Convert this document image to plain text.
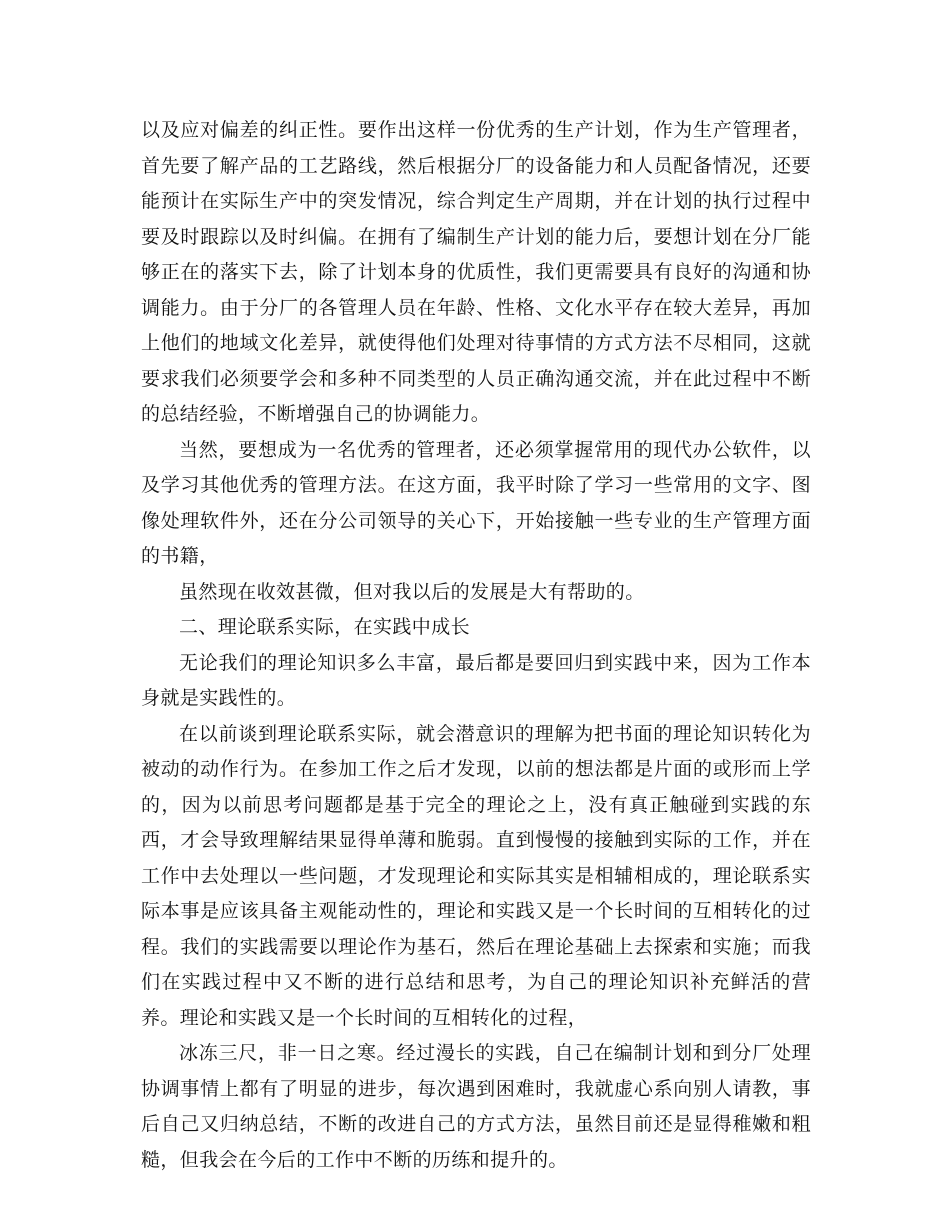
以及应对偏差的纠正性。要作出这样一份优秀的生产计划，作为生产管理者，首先要了解产品的工艺路线，然后根据分厂的设备能力和人员配备情况，还要能预计在实际生产中的突发情况，综合判定生产周期，并在计划的执行过程中要及时跟踪以及时纠偏。在拥有了编制生产计划的能力后，要想计划在分厂能够正在的落实下去，除了计划本身的优质性，我们更需要具有良好的沟通和协调能力。由于分厂的各管理人员在年龄、性格、文化水平存在较大差异，再加上他们的地域文化差异，就使得他们处理对待事情的方式方法不尽相同，这就要求我们必须要学会和多种不同类型的人员正确沟通交流，并在此过程中不断的总结经验，不断增强自己的协调能力。

当然，要想成为一名优秀的管理者，还必须掌握常用的现代办公软件，以及学习其他优秀的管理方法。在这方面，我平时除了学习一些常用的文字、图像处理软件外，还在分公司领导的关心下，开始接触一些专业的生产管理方面的书籍，

虽然现在收效甚微，但对我以后的发展是大有帮助的。

二、理论联系实际，在实践中成长

无论我们的理论知识多么丰富，最后都是要回归到实践中来，因为工作本身就是实践性的。

在以前谈到理论联系实际，就会潜意识的理解为把书面的理论知识转化为被动的动作行为。在参加工作之后才发现，以前的想法都是片面的或形而上学的，因为以前思考问题都是基于完全的理论之上，没有真正触碰到实践的东西，才会导致理解结果显得单薄和脆弱。直到慢慢的接触到实际的工作，并在工作中去处理以一些问题，才发现理论和实际其实是相辅相成的，理论联系实际本事是应该具备主观能动性的，理论和实践又是一个长时间的互相转化的过程。我们的实践需要以理论作为基石，然后在理论基础上去探索和实施；而我们在实践过程中又不断的进行总结和思考，为自己的理论知识补充鲜活的营养。理论和实践又是一个长时间的互相转化的过程，

冰冻三尺，非一日之寒。经过漫长的实践，自己在编制计划和到分厂处理协调事情上都有了明显的进步，每次遇到困难时，我就虚心系向别人请教，事后自己又归纳总结，不断的改进自己的方式方法，虽然目前还是显得稚嫩和粗糙，但我会在今后的工作中不断的历练和提升的。
